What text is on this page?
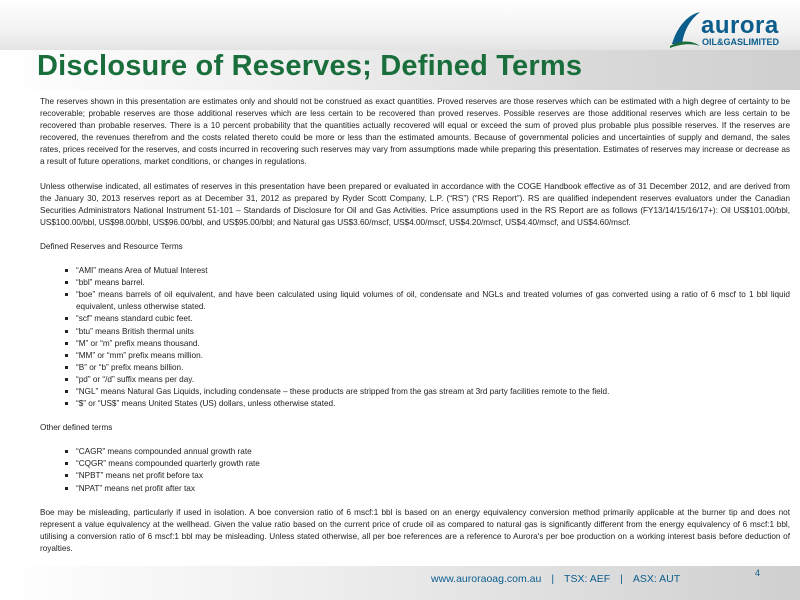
aurora
OIL&GASLIMITED
Disclosure of Reserves; Defined Terms

The reserves shown in this presentation are estimates only and should not be construed as exact quantities. Proved reserves are those reserves which can be estimated with a high degree of certainty to be recoverable; probable reserves are those additional reserves which are less certain to be recovered than proved reserves. Possible reserves are those additional reserves which are less certain to be recovered than probable reserves. There is a 10 percent probability that the quantities actually recovered will equal or exceed the sum of proved plus probable plus possible reserves. If the reserves are recovered, the revenues therefrom and the costs related thereto could be more or less than the estimated amounts. Because of governmental policies and uncertainties of supply and demand, the sales rates, prices received for the reserves, and costs incurred in recovering such reserves may vary from assumptions made while preparing this presentation. Estimates of reserves may increase or decrease as a result of future operations, market conditions, or changes in regulations.

Unless otherwise indicated, all estimates of reserves in this presentation have been prepared or evaluated in accordance with the COGE Handbook effective as of 31 December 2012, and are derived from the January 30, 2013 reserves report as at December 31, 2012 as prepared by Ryder Scott Company, L.P. (“RS”) (“RS Report”). RS are qualified independent reserves evaluators under the Canadian Securities Administrators National Instrument 51-101 – Standards of Disclosure for Oil and Gas Activities. Price assumptions used in the RS Report are as follows (FY13/14/15/16/17+): Oil US$101.00/bbl, US$100.00/bbl, US$98.00/bbl, US$96.00/bbl, and US$95.00/bbl; and Natural gas US$3.60/mscf, US$4.00/mscf, US$4.20/mscf, US$4.40/mscf, and US$4.60/mscf.

Defined Reserves and Resource Terms

“AMI” means Area of Mutual Interest
“bbl” means barrel.
“boe” means barrels of oil equivalent, and have been calculated using liquid volumes of oil, condensate and NGLs and treated volumes of gas converted using a ratio of 6 mscf to 1 bbl liquid equivalent, unless otherwise stated.
“scf” means standard cubic feet.
“btu” means British thermal units
“M” or “m” prefix means thousand.
“MM” or “mm” prefix means million.
“B” or “b” prefix means billion.
“pd” or “/d” suffix means per day.
“NGL” means Natural Gas Liquids, including condensate – these products are stripped from the gas stream at 3rd party facilities remote to the field.
“$” or “US$” means United States (US) dollars, unless otherwise stated.

Other defined terms

“CAGR” means compounded annual growth rate
“CQGR” means compounded quarterly growth rate
“NPBT” means net profit before tax
“NPAT” means net profit after tax

Boe may be misleading, particularly if used in isolation. A boe conversion ratio of 6 mscf:1 bbl is based on an energy equivalency conversion method primarily applicable at the burner tip and does not represent a value equivalency at the wellhead. Given the value ratio based on the current price of crude oil as compared to natural gas is significantly different from the energy equivalency of 6 mscf:1 bbl, utilising a conversion ratio of 6 mscf:1 bbl may be misleading. Unless stated otherwise, all per boe references are a reference to Aurora's per boe production on a working interest basis before deduction of royalties.

www.auroraoag.com.au | TSX: AEF | ASX: AUT	4
